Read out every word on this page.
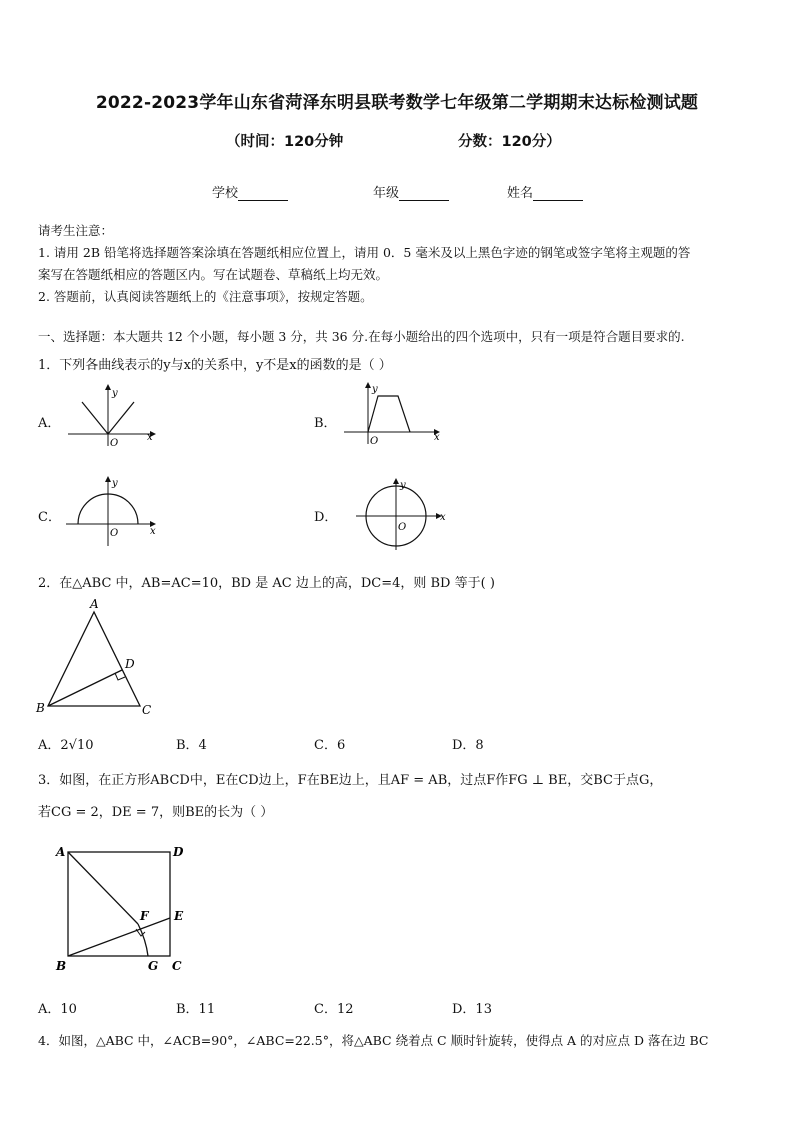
2022-2023学年山东省菏泽东明县联考数学七年级第二学期期末达标检测试题
（时间：120分钟	分数：120分）
学校	年级	姓名
请考生注意：
1. 请用 2B 铅笔将选择题答案涂填在答题纸相应位置上，请用 0．5 毫米及以上黑色字迹的钢笔或签字笔将主观题的答
案写在答题纸相应的答题区内。写在试题卷、草稿纸上均无效。
2. 答题前，认真阅读答题纸上的《注意事项》，按规定答题。
一、选择题：本大题共 12 个小题，每小题 3 分，共 36 分.在每小题给出的四个选项中，只有一项是符合题目要求的.
1．下列各曲线表示的y与x的关系中，y不是x的函数的是（ ）
A．
x
y
O
B．
x
y
O
C．
x
y
O
D．	x
y
O
2．在△ABC 中，AB=AC=10，BD 是 AC 边上的高，DC=4，则 BD 等于( )
A
B	C
D
A．2√10	B．4	C．6	D．8
3．如图，在正方形ABCD中，E在CD边上，F在BE边上，且AF = AB，过点F作FG ⊥ BE，交BC于点G，
若CG = 2，DE = 7，则BE的长为（ ）
A	D
B	C
E
F
G
A．10	B．11	C．12	D．13
4．如图，△ABC 中，∠ACB=90°，∠ABC=22.5°，将△ABC 绕着点 C 顺时针旋转，使得点 A 的对应点 D 落在边 BC
